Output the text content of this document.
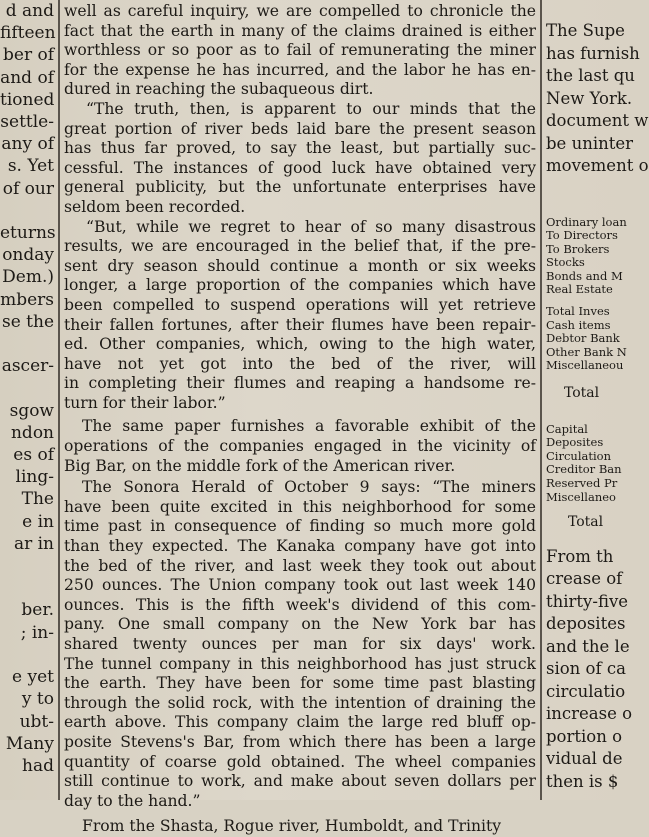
d and
fifteen
ber of
and of
tioned
settle-
any of
s. Yet
of our

eturns
onday
Dem.)
mbers
se the

ascer-

sgow
ndon
es of
ling-
The
e in
ar in

ber.
; in-

e yet
y to
ubt-
Many
had
well as careful inquiry, we are compelled to chronicle the
fact that the earth in many of the claims drained is either
worthless or so poor as to fail of remunerating the miner
for the expense he has incurred, and the labor he has en-
dured in reaching the subaqueous dirt.
“The truth, then, is apparent to our minds that the
great portion of river beds laid bare the present season
has thus far proved, to say the least, but partially suc-
cessful. The instances of good luck have obtained very
general publicity, but the unfortunate enterprises have
seldom been recorded.
“But, while we regret to hear of so many disastrous
results, we are encouraged in the belief that, if the pre-
sent dry season should continue a month or six weeks
longer, a large proportion of the companies which have
been compelled to suspend operations will yet retrieve
their fallen fortunes, after their flumes have been repair-
ed. Other companies, which, owing to the high water,
have not yet got into the bed of the river, will
in completing their flumes and reaping a handsome re-
turn for their labor.”
The same paper furnishes a favorable exhibit of the
operations of the companies engaged in the vicinity of
Big Bar, on the middle fork of the American river.
The Sonora Herald of October 9 says: “The miners
have been quite excited in this neighborhood for some
time past in consequence of finding so much more gold
than they expected. The Kanaka company have got into
the bed of the river, and last week they took out about
250 ounces. The Union company took out last week 140
ounces. This is the fifth week's dividend of this com-
pany. One small company on the New York bar has
shared twenty ounces per man for six days' work.
The tunnel company in this neighborhood has just struck
the earth. They have been for some time past blasting
through the solid rock, with the intention of draining the
earth above. This company claim the large red bluff op-
posite Stevens's Bar, from which there has been a large
quantity of coarse gold obtained. The wheel companies
still continue to work, and make about seven dollars per
day to the hand.”
From the Shasta, Rogue river, Humboldt, and Trinity
The Supe
has furnish
the last qu
New York.
document w
be uninter
movement o
Ordinary loan
To Directors
To Brokers
Stocks
Bonds and M
Real Estate
Total Inves
Cash items
Debtor Bank
Other Bank N
Miscellaneou
Total
Capital
Deposites
Circulation
Creditor Ban
Reserved Pr
Miscellaneo
Total
From th
crease of
thirty-five
deposites
and the le
sion of ca
circulatio
increase o
portion o
vidual de
then is $
